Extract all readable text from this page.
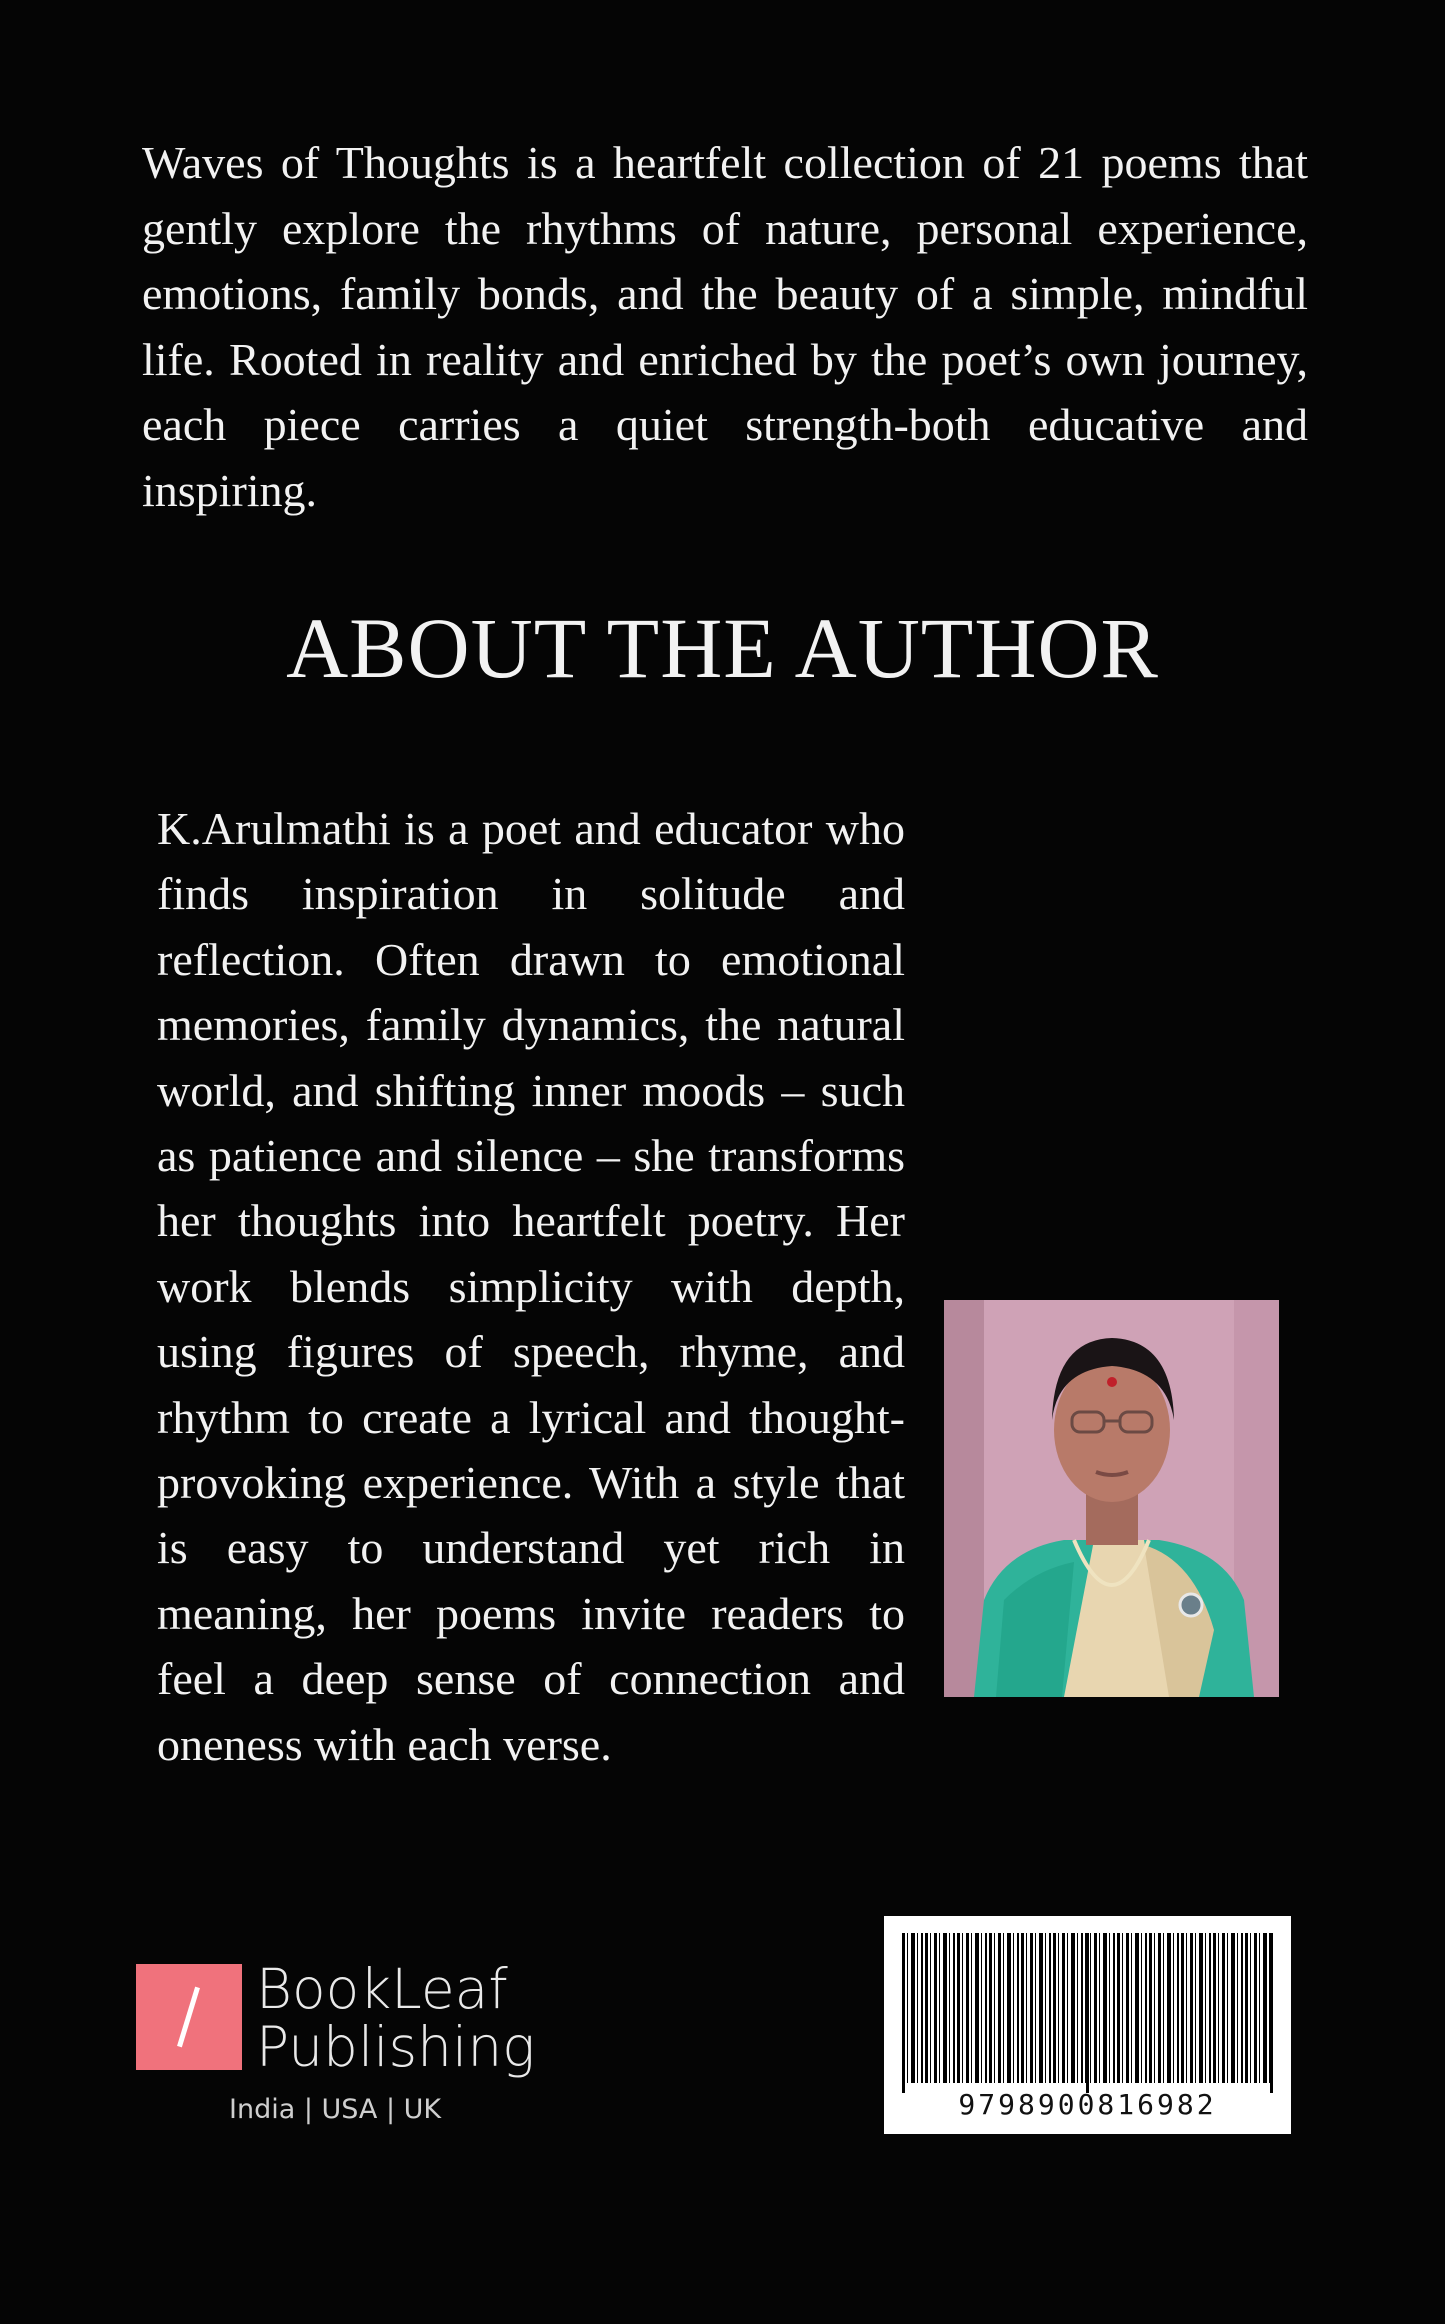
Waves of Thoughts is a heartfelt collection of 21 poems that gently explore the rhythms of nature, personal experience, emotions, family bonds, and the beauty of a simple, mindful life. Rooted in reality and enriched by the poet’s own journey, each piece carries a quiet strength-both educative and inspiring.

ABOUT THE AUTHOR

K.Arulmathi is a poet and educator who finds inspiration in solitude and reflection. Often drawn to emotional memories, family dynamics, the natural world, and shifting inner moods – such as patience and silence – she transforms her thoughts into heartfelt poetry. Her work blends simplicity with depth, using figures of speech, rhyme, and rhythm to create a lyrical and thought-provoking experience. With a style that is easy to understand yet rich in meaning, her poems invite readers to feel a deep sense of connection and oneness with each verse.

BookLeaf
Publishing
India | USA | UK	9798900816982
